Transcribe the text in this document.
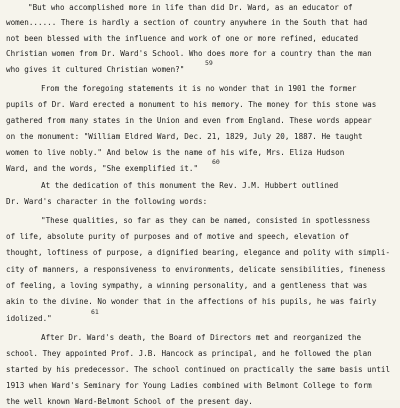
"But who accomplished more in life than did Dr. Ward, as an educator of

women...... There is hardly a section of country anywhere in the South that had

not been blessed with the influence and work of one or more refined, educated

Christian women from Dr. Ward's School. Who does more for a country than the man

who gives it cultured Christian women?"

From the foregoing statements it is no wonder that in 1901 the former

pupils of Dr. Ward erected a monument to his memory. The money for this stone was

gathered from many states in the Union and even from England. These words appear

on the monument: "William Eldred Ward, Dec. 21, 1829, July 20, 1887. He taught

women to live nobly." And below is the name of his wife, Mrs. Eliza Hudson

Ward, and the words, "She exemplified it."

At the dedication of this monument the Rev. J.M. Hubbert outlined

Dr. Ward's character in the following words:

"These qualities, so far as they can be named, consisted in spotlessness

of life, absolute purity of purposes and of motive and speech, elevation of

thought, loftiness of purpose, a dignified bearing, elegance and polity with simpli-

city of manners, a responsiveness to environments, delicate sensibilities, fineness

of feeling, a loving sympathy, a winning personality, and a gentleness that was

akin to the divine. No wonder that in the affections of his pupils, he was fairly

idolized."

After Dr. Ward's death, the Board of Directors met and reorganized the

school. They appointed Prof. J.B. Hancock as principal, and he followed the plan

started by his predecessor. The school continued on practically the same basis until

1913 when Ward's Seminary for Young Ladies combined with Belmont College to form

the well known Ward-Belmont School of the present day.

59
60
61
